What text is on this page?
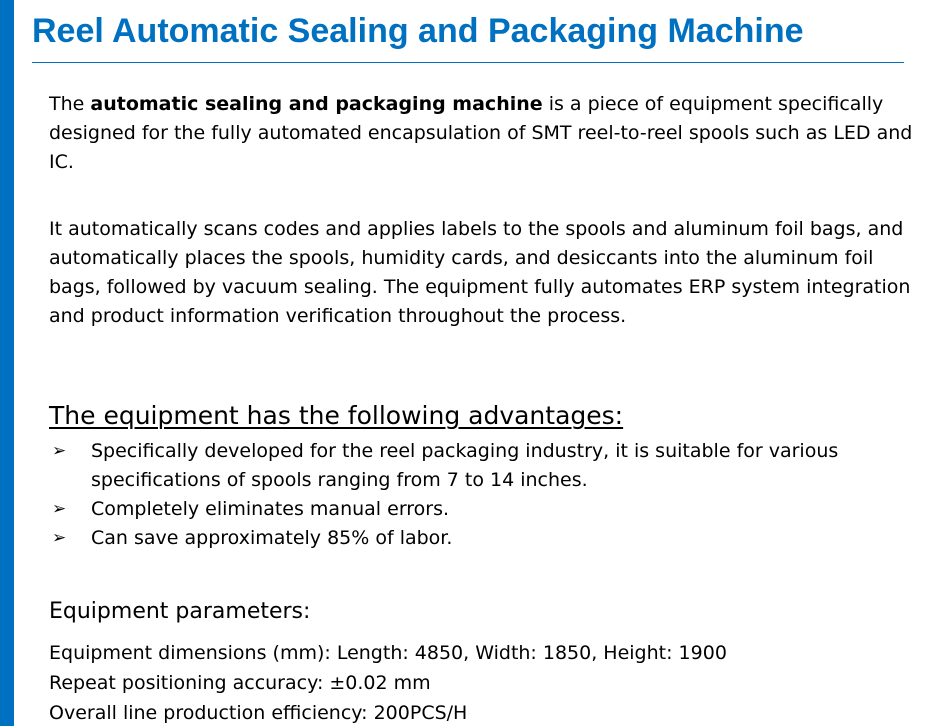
Reel Automatic Sealing and Packaging Machine

The automatic sealing and packaging machine is a piece of equipment specifically designed for the fully automated encapsulation of SMT reel-to-reel spools such as LED and IC.

It automatically scans codes and applies labels to the spools and aluminum foil bags, and automatically places the spools, humidity cards, and desiccants into the aluminum foil bags, followed by vacuum sealing. The equipment fully automates ERP system integration and product information verification throughout the process.

The equipment has the following advantages:
➢ Specifically developed for the reel packaging industry, it is suitable for various specifications of spools ranging from 7 to 14 inches.
➢ Completely eliminates manual errors.
➢ Can save approximately 85% of labor.
Equipment parameters:
Equipment dimensions (mm): Length: 4850, Width: 1850, Height: 1900
Repeat positioning accuracy: ±0.02 mm
Overall line production efficiency: 200PCS/H
